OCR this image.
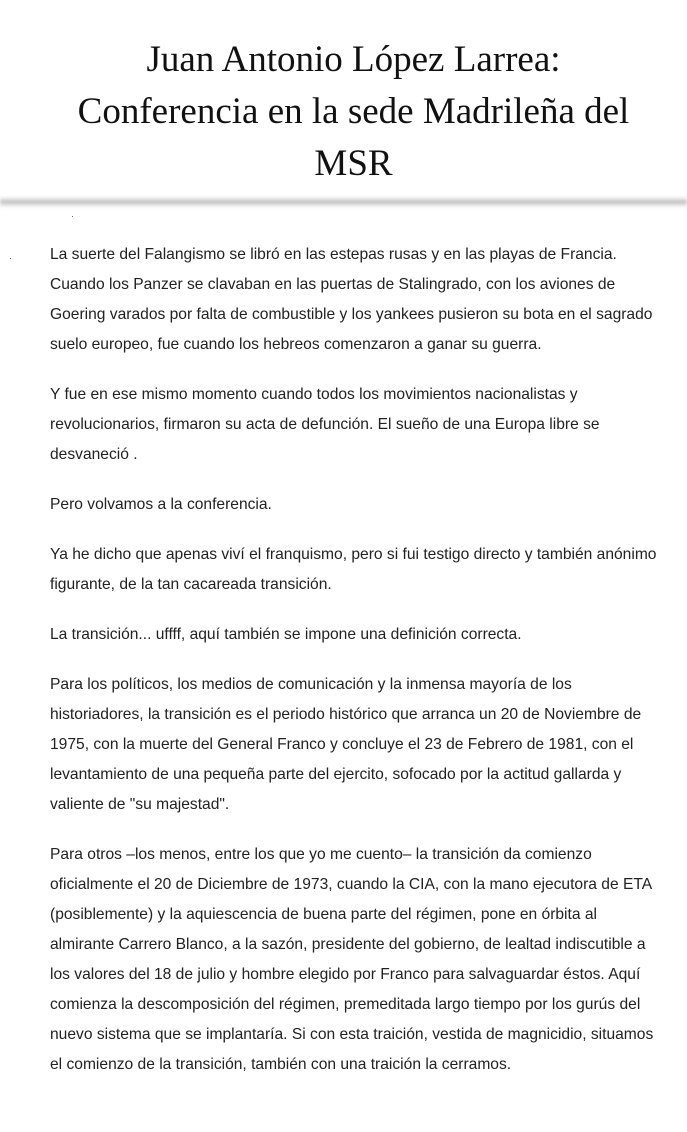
Juan Antonio López Larrea:
Conferencia en la sede Madrileña del
MSR

La suerte del Falangismo se libró en las estepas rusas y en las playas de Francia. Cuando los Panzer se clavaban en las puertas de Stalingrado, con los aviones de Goering varados por falta de combustible y los yankees pusieron su bota en el sagrado suelo europeo, fue cuando los hebreos comenzaron a ganar su guerra.

Y fue en ese mismo momento cuando todos los movimientos nacionalistas y revolucionarios, firmaron su acta de defunción. El sueño de una Europa libre se desvaneció .

Pero volvamos a la conferencia.

Ya he dicho que apenas viví el franquismo, pero si fui testigo directo y también anónimo figurante, de la tan cacareada transición.

La transición... uffff, aquí también se impone una definición correcta.

Para los políticos, los medios de comunicación y la inmensa mayoría de los historiadores, la transición es el periodo histórico que arranca un 20 de Noviembre de 1975, con la muerte del General Franco y concluye el 23 de Febrero de 1981, con el levantamiento de una pequeña parte del ejercito, sofocado por la actitud gallarda y valiente de "su majestad".

Para otros –los menos, entre los que yo me cuento– la transición da comienzo oficialmente el 20 de Diciembre de 1973, cuando la CIA, con la mano ejecutora de ETA (posiblemente) y la aquiescencia de buena parte del régimen, pone en órbita al almirante Carrero Blanco, a la sazón, presidente del gobierno, de lealtad indiscutible a los valores del 18 de julio y hombre elegido por Franco para salvaguardar éstos. Aquí comienza la descomposición del régimen, premeditada largo tiempo por los gurús del nuevo sistema que se implantaría. Si con esta traición, vestida de magnicidio, situamos el comienzo de la transición, también con una traición la cerramos.
